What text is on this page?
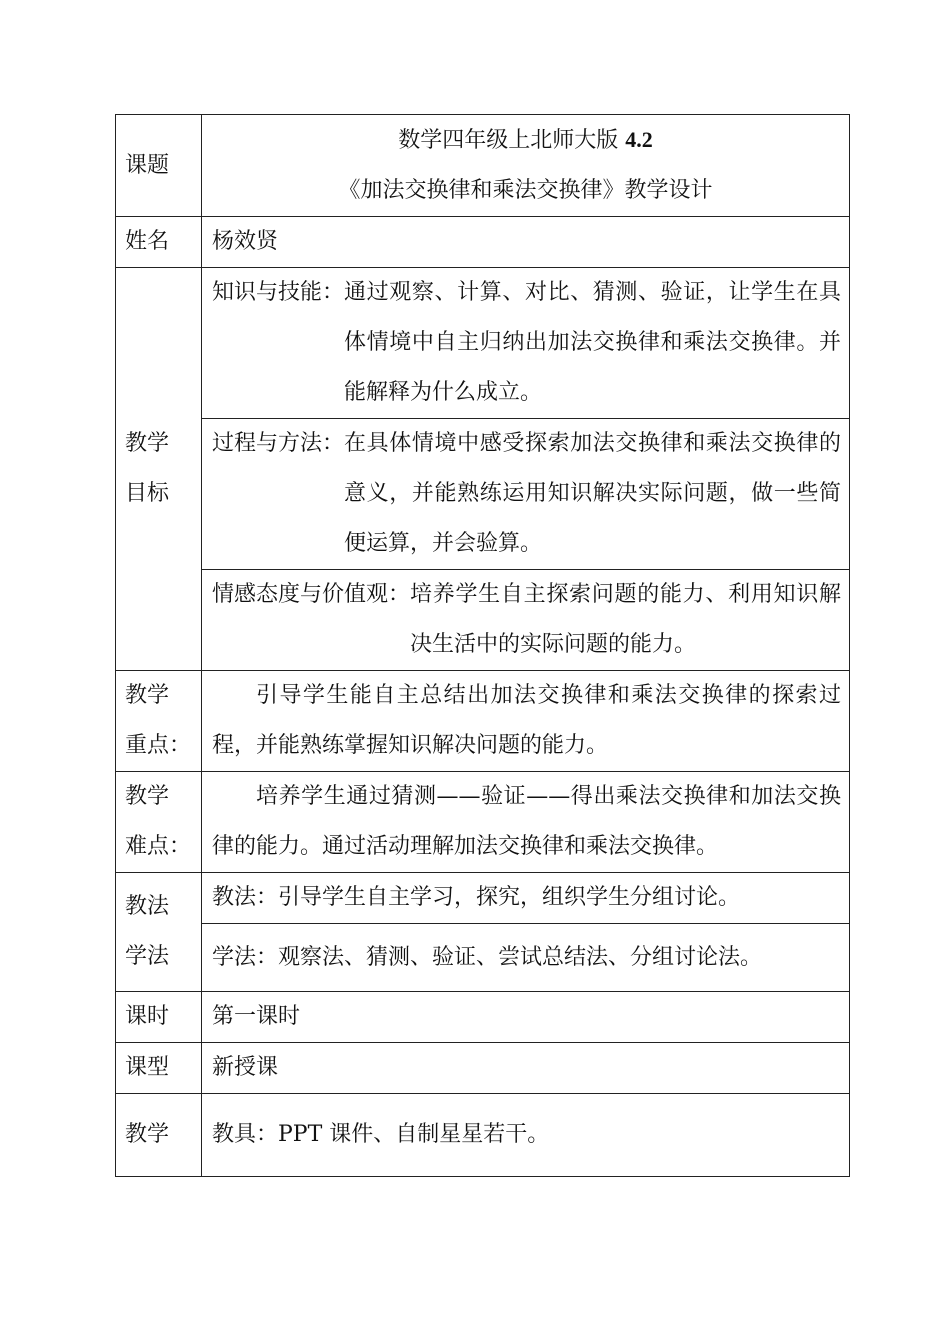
课题	数学四年级上北师大版 4.2
《加法交换律和乘法交换律》教学设计

姓名	杨效贤

教学
目标	知识与技能： 通过观察、计算、对比、猜测、验证，让学生在具体情境中自主归纳出加法交换律和乘法交换律。并能解释为什么成立。

	过程与方法： 在具体情境中感受探索加法交换律和乘法交换律的意义，并能熟练运用知识解决实际问题，做一些简便运算，并会验算。

	情感态度与价值观： 培养学生自主探索问题的能力、利用知识解决生活中的实际问题的能力。

教学
重点：	引导学生能自主总结出加法交换律和乘法交换律的探索过程，并能熟练掌握知识解决问题的能力。

教学
难点：	培养学生通过猜测——验证——得出乘法交换律和加法交换律的能力。通过活动理解加法交换律和乘法交换律。

教法
学法	教法：引导学生自主学习，探究，组织学生分组讨论。
	学法：观察法、猜测、验证、尝试总结法、分组讨论法。
课时	第一课时
课型	新授课
教学	教具：PPT 课件、自制星星若干。
